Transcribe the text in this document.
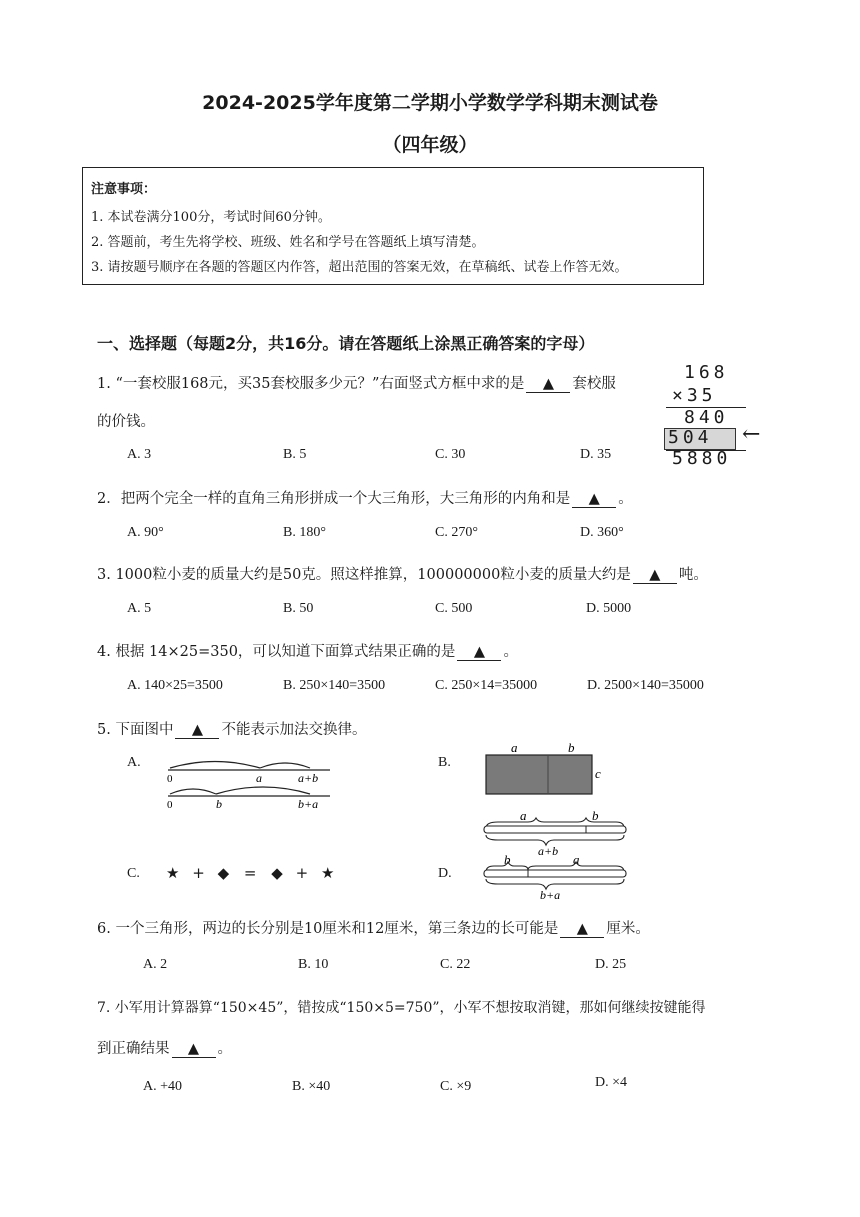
2024-2025学年度第二学期小学数学学科期末测试卷
（四年级）
注意事项：
1. 本试卷满分100分，考试时间60分钟。
2. 答题前，考生先将学校、班级、姓名和学号在答题纸上填写清楚。
3. 请按题号顺序在各题的答题区内作答，超出范围的答案无效，在草稿纸、试卷上作答无效。
一、选择题（每题2分，共16分。请在答题纸上涂黑正确答案的字母）
1. “一套校服168元，买35套校服多少元？”右面竖式方框中求的是 ▲ 套校服
的价钱。
A. 3	B. 5	C. 30	D. 35
168
×35
840
504 ←
5880
2．把两个完全一样的直角三角形拼成一个大三角形，大三角形的内角和是 ▲ 。
A. 90°	B. 180°	C. 270°	D. 360°
3. 1000粒小麦的质量大约是50克。照这样推算，100000000粒小麦的质量大约是 ▲ 吨。
A. 5	B. 50	C. 500	D. 5000
4. 根据 14×25=350，可以知道下面算式结果正确的是 ▲ 。
A. 140×25=3500	B. 250×140=3500	C. 250×14=35000	D. 2500×140=35000
5. 下面图中 ▲ 不能表示加法交换律。
A.
0	a	a+b
0	b	b+a
B.
a	b
c
a	b
a+b
C. ★ + ◆ = ◆ + ★	D.
b	a
b+a
6. 一个三角形，两边的长分别是10厘米和12厘米，第三条边的长可能是 ▲ 厘米。
A. 2	B. 10	C. 22	D. 25
7. 小军用计算器算“150×45”，错按成“150×5=750”，小军不想按取消键，那如何继续按键能得
到正确结果 ▲ 。
A. +40	B. ×40	C. ×9	D. ×4
